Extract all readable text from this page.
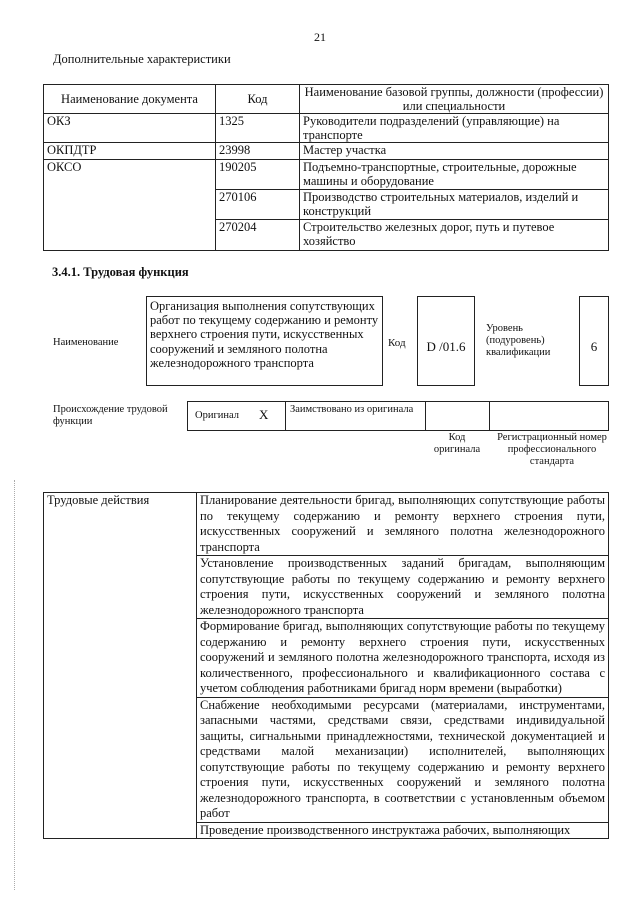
21
Дополнительные характеристики
Наименование документа	Код	Наименование базовой группы, должности (профессии) или специальности
ОКЗ	1325	Руководители подразделений (управляющие) на транспорте
ОКПДТР	23998	Мастер участка
ОКСО	190205	Подъемно-транспортные, строительные, дорожные машины и оборудование
	270106	Производство строительных материалов, изделий и конструкций
	270204	Строительство железных дорог, путь и путевое хозяйство
3.4.1. Трудовая функция
Наименование
Организация выполнения сопутствующих работ по текущему содержанию и ремонту верхнего строения пути, искусственных сооружений и земляного полотна железнодорожного транспорта
Код	D /01.6
Уровень (подуровень) квалификации	6
Происхождение трудовой функции
Оригинал X Заимствовано из оригинала
Код оригинала
Регистрационный номер профессионального стандарта
Трудовые действия	Планирование деятельности бригад, выполняющих сопутствующие работы по текущему содержанию и ремонту верхнего строения пути, искусственных сооружений и земляного полотна железнодорожного транспорта
Установление производственных заданий бригадам, выполняющим сопутствующие работы по текущему содержанию и ремонту верхнего строения пути, искусственных сооружений и земляного полотна железнодорожного транспорта
Формирование бригад, выполняющих сопутствующие работы по текущему содержанию и ремонту верхнего строения пути, искусственных сооружений и земляного полотна железнодорожного транспорта, исходя из количественного, профессионального и квалификационного состава с учетом соблюдения работниками бригад норм времени (выработки)
Снабжение необходимыми ресурсами (материалами, инструментами, запасными частями, средствами связи, средствами индивидуальной защиты, сигнальными принадлежностями, технической документацией и средствами малой механизации) исполнителей, выполняющих сопутствующие работы по текущему содержанию и ремонту верхнего строения пути, искусственных сооружений и земляного полотна железнодорожного транспорта, в соответствии с установленным объемом работ
Проведение производственного инструктажа рабочих, выполняющих
